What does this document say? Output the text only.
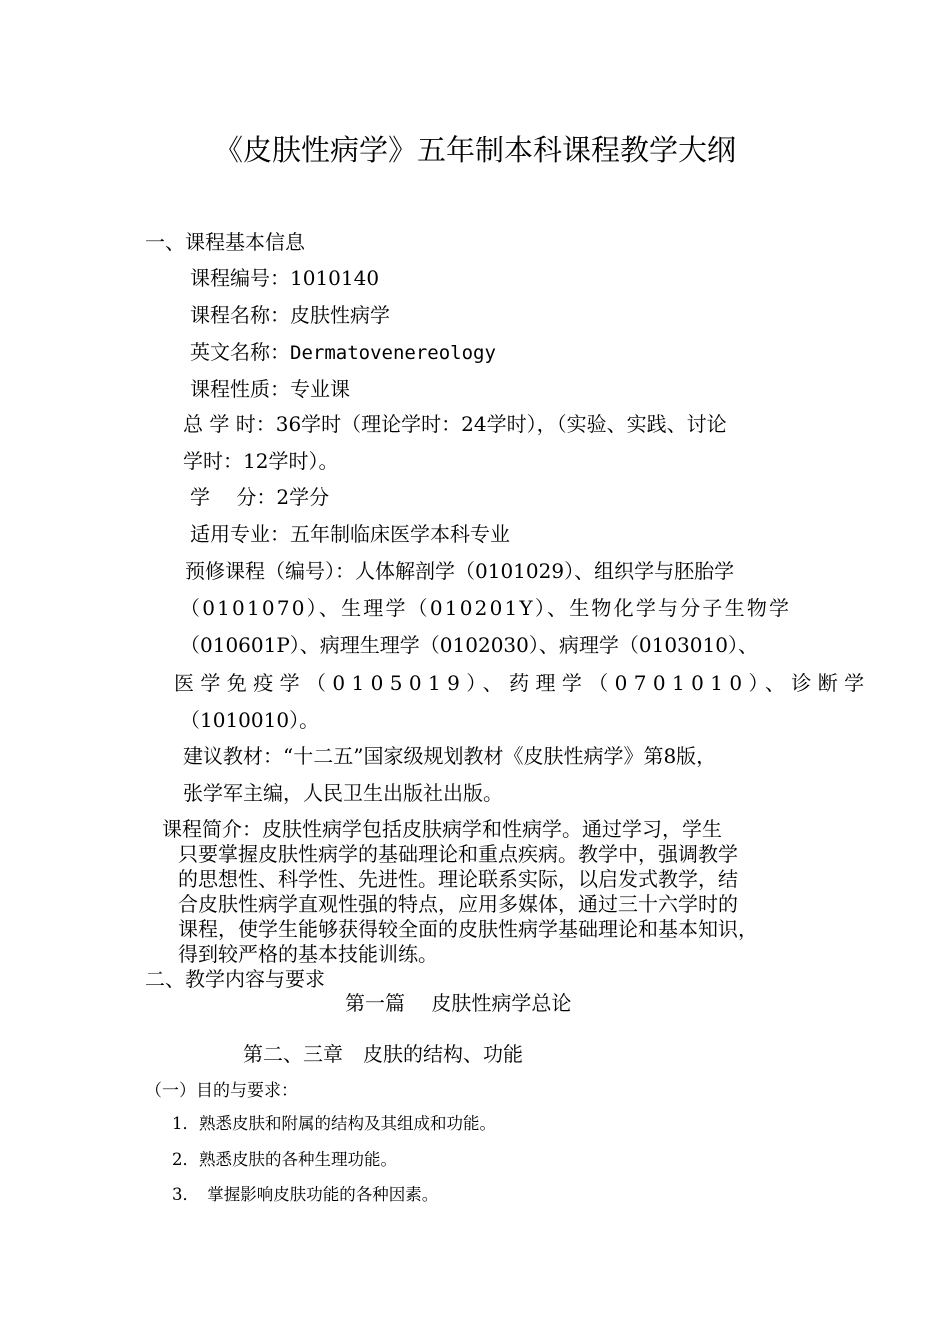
《皮肤性病学》五年制本科课程教学大纲
一、课程基本信息
课程编号：1010140
课程名称：皮肤性病学
英文名称：Dermatovenereology
课程性质：专业课
总 学 时：36学时（理论学时：24学时），（实验、实践、讨论
学时：12学时）。
学　 分：2学分
适用专业：五年制临床医学本科专业
预修课程（编号）：人体解剖学（0101029）、组织学与胚胎学
（0101070）、生理学（010201Y）、生物化学与分子生物学
（010601P）、病理生理学（0102030）、病理学（0103010）、
医学免疫学（0105019）、药理学（0701010）、诊断学
（1010010）。
建议教材：“十二五”国家级规划教材《皮肤性病学》第8版，
张学军主编，人民卫生出版社出版。
课程简介：皮肤性病学包括皮肤病学和性病学。通过学习，学生
只要掌握皮肤性病学的基础理论和重点疾病。教学中，强调教学
的思想性、科学性、先进性。理论联系实际，以启发式教学，结
合皮肤性病学直观性强的特点，应用多媒体，通过三十六学时的
课程，使学生能够获得较全面的皮肤性病学基础理论和基本知识，
得到较严格的基本技能训练。
二、教学内容与要求
第一篇　 皮肤性病学总论
第二、三章　皮肤的结构、功能
（一）目的与要求：
1．熟悉皮肤和附属的结构及其组成和功能。
2．熟悉皮肤的各种生理功能。
3．　掌握影响皮肤功能的各种因素。
